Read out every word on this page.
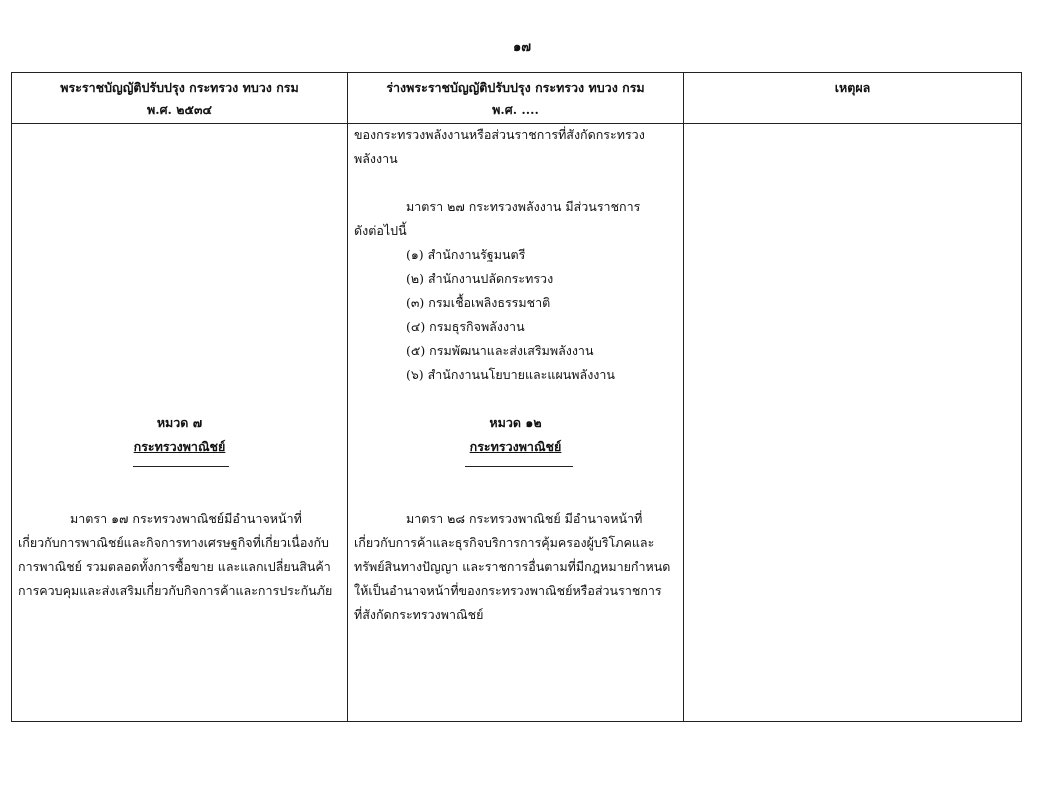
๑๗
พระราชบัญญัติปรับปรุง กระทรวง ทบวง กรม
พ.ศ. ๒๕๓๔
ร่างพระราชบัญญัติปรับปรุง กระทรวง ทบวง กรม
พ.ศ. ....
เหตุผล
หมวด ๗
กระทรวงพาณิชย์
มาตรา ๑๗ กระทรวงพาณิชย์มีอำนาจหน้าที่
เกี่ยวกับการพาณิชย์และกิจการทางเศรษฐกิจที่เกี่ยวเนื่องกับ
การพาณิชย์ รวมตลอดทั้งการซื้อขาย และแลกเปลี่ยนสินค้า
การควบคุมและส่งเสริมเกี่ยวกับกิจการค้าและการประกันภัย
ของกระทรวงพลังงานหรือส่วนราชการที่สังกัดกระทรวง
พลังงาน
มาตรา ๒๗ กระทรวงพลังงาน มีส่วนราชการ
ดังต่อไปนี้
(๑) สำนักงานรัฐมนตรี
(๒) สำนักงานปลัดกระทรวง
(๓) กรมเชื้อเพลิงธรรมชาติ
(๔) กรมธุรกิจพลังงาน
(๕) กรมพัฒนาและส่งเสริมพลังงาน
(๖) สำนักงานนโยบายและแผนพลังงาน
หมวด ๑๒
กระทรวงพาณิชย์
มาตรา ๒๘ กระทรวงพาณิชย์ มีอำนาจหน้าที่
เกี่ยวกับการค้าและธุรกิจบริการการคุ้มครองผู้บริโภคและ
ทรัพย์สินทางปัญญา และราชการอื่นตามที่มีกฎหมายกำหนด
ให้เป็นอำนาจหน้าที่ของกระทรวงพาณิชย์หรือส่วนราชการ
ที่สังกัดกระทรวงพาณิชย์
